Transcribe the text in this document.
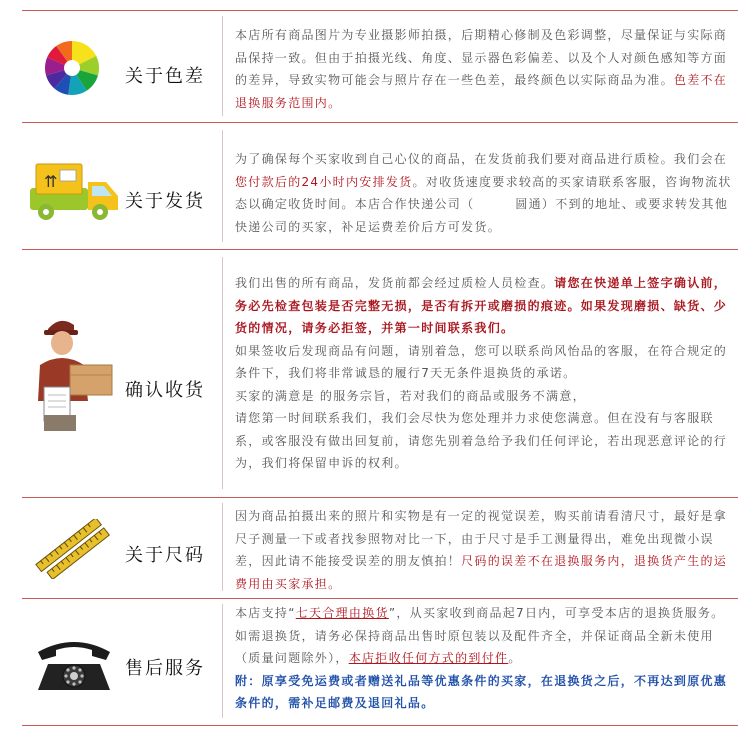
关于色差
本店所有商品图片为专业摄影师拍摄，后期精心修制及色彩调整，尽量保证与实际商品保持一致。但由于拍摄光线、角度、显示器色彩偏差、以及个人对颜色感知等方面的差异，导致实物可能会与照片存在一些色差，最终颜色以实际商品为准。色差不在退换服务范围内。
⇈
关于发货
为了确保每个买家收到自己心仪的商品，在发货前我们要对商品进行质检。我们会在您付款后的24小时内安排发货。对收货速度要求较高的买家请联系客服，咨询物流状态以确定收货时间。本店合作快递公司（	圆通）不到的地址、或要求转发其他快递公司的买家，补足运费差价后方可发货。
确认收货
我们出售的所有商品，发货前都会经过质检人员检查。请您在快递单上签字确认前，务必先检查包装是否完整无损，是否有拆开或磨损的痕迹。如果发现磨损、缺货、少货的情况，请务必拒签，并第一时间联系我们。
如果签收后发现商品有问题，请别着急，您可以联系尚风怡品的客服，在符合规定的条件下，我们将非常诚恳的履行7天无条件退换货的承诺。
买家的满意是 的服务宗旨，若对我们的商品或服务不满意，
请您第一时间联系我们，我们会尽快为您处理并力求使您满意。但在没有与客服联系，或客服没有做出回复前，请您先别着急给予我们任何评论，若出现恶意评论的行为，我们将保留申诉的权利。
关于尺码
因为商品拍摄出来的照片和实物是有一定的视觉误差，购买前请看清尺寸，最好是拿尺子测量一下或者找参照物对比一下，由于尺寸是手工测量得出，难免出现微小误差，因此请不能接受误差的朋友慎拍！尺码的误差不在退换服务内，退换货产生的运费用由买家承担。
售后服务
本店支持“七天合理由换货”，从买家收到商品起7日内，可享受本店的退换货服务。如需退换货，请务必保持商品出售时原包装以及配件齐全，并保证商品全新未使用（质量问题除外），本店拒收任何方式的到付件。
附：原享受免运费或者赠送礼品等优惠条件的买家，在退换货之后，不再达到原优惠条件的，需补足邮费及退回礼品。
